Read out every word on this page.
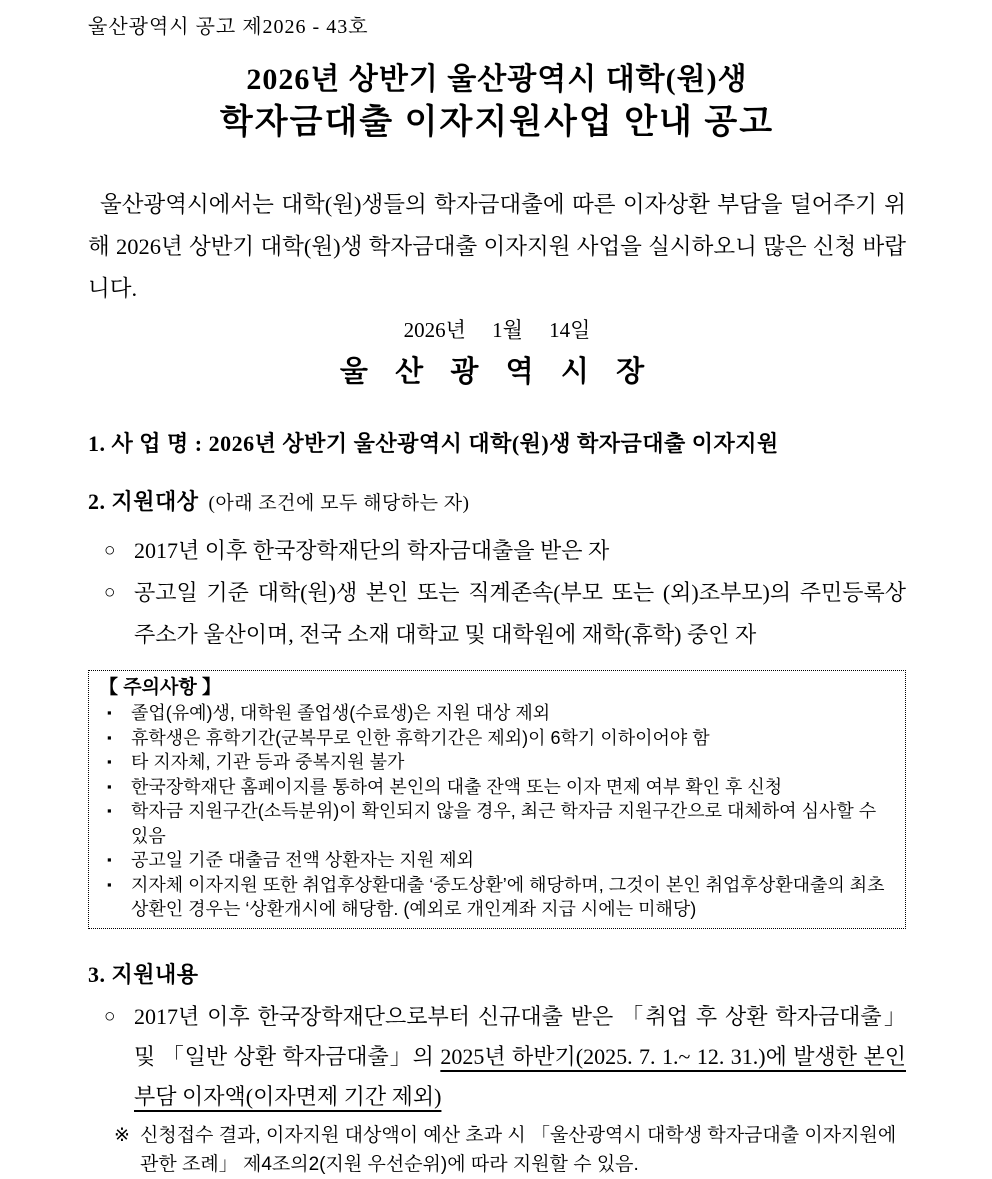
울산광역시 공고 제2026 - 43호
2026년 상반기 울산광역시 대학(원)생
학자금대출 이자지원사업 안내 공고

울산광역시에서는 대학(원)생들의 학자금대출에 따른 이자상환 부담을 덜어주기 위해 2026년 상반기 대학(원)생 학자금대출 이자지원 사업을 실시하오니 많은 신청 바랍니다.

2026년     1월     14일
울 산 광 역 시 장
1. 사 업 명 : 2026년 상반기 울산광역시 대학(원)생 학자금대출 이자지원
2. 지원대상 (아래 조건에 모두 해당하는 자)
○ 2017년 이후 한국장학재단의 학자금대출을 받은 자
○ 공고일 기준 대학(원)생 본인 또는 직계존속(부모 또는 (외)조부모)의 주민등록상 주소가 울산이며, 전국 소재 대학교 및 대학원에 재학(휴학) 중인 자
【 주의사항 】
▪	졸업(유예)생, 대학원 졸업생(수료생)은 지원 대상 제외
▪	휴학생은 휴학기간(군복무로 인한 휴학기간은 제외)이 6학기 이하이어야 함
▪	타 지자체, 기관 등과 중복지원 불가
▪	한국장학재단 홈페이지를 통하여 본인의 대출 잔액 또는 이자 면제 여부 확인 후 신청
▪	학자금 지원구간(소득분위)이 확인되지 않을 경우, 최근 학자금 지원구간으로 대체하여 심사할 수 있음
▪	공고일 기준 대출금 전액 상환자는 지원 제외
▪	지자체 이자지원 또한 취업후상환대출 ‘중도상환’에 해당하며, 그것이 본인 취업후상환대출의 최초 상환인 경우는 ‘상환개시에 해당함. (예외로 개인계좌 지급 시에는 미해당)
3. 지원내용
○ 2017년 이후 한국장학재단으로부터 신규대출 받은 「취업 후 상환 학자금대출」 및 「일반 상환 학자금대출」의 2025년 하반기(2025. 7. 1.~ 12. 31.)에 발생한 본인 부담 이자액(이자면제 기간 제외)
※ 신청접수 결과, 이자지원 대상액이 예산 초과 시 「울산광역시 대학생 학자금대출 이자지원에 관한 조례」 제4조의2(지원 우선순위)에 따라 지원할 수 있음.
